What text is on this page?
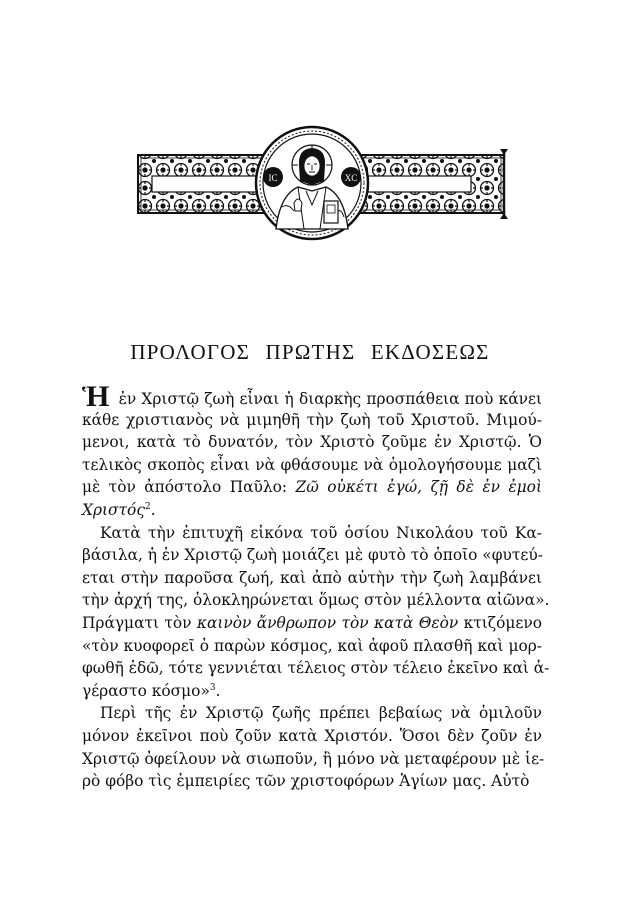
IC	XC
ΠΡΟΛΟΓΟΣ ΠΡΩΤΗΣ ΕΚΔΟΣΕΩΣ
Ἡ ἐν Χριστῷ ζωὴ εἶναι ἡ διαρκὴς προσπάθεια ποὺ κάνει
κάθε χριστιανὸς νὰ μιμηθῆ τὴν ζωὴ τοῦ Χριστοῦ. Μιμού-
μενοι, κατὰ τὸ δυνατόν, τὸν Χριστὸ ζοῦμε ἐν Χριστῷ. Ὁ
τελικὸς σκοπὸς εἶναι νὰ φθάσουμε νὰ ὁμολογήσουμε μαζὶ
μὲ τὸν ἀπόστολο Παῦλο: Ζῶ οὐκέτι ἐγώ, ζῇ δὲ ἐν ἐμοὶ
Χριστός$^2$.
Κατὰ τὴν ἐπιτυχῆ εἰκόνα τοῦ ὁσίου Νικολάου τοῦ Κα-
βάσιλα, ἡ ἐν Χριστῷ ζωὴ μοιάζει μὲ φυτὸ τὸ ὁποῖο «φυτεύ-
εται στὴν παροῦσα ζωή, καὶ ἀπὸ αὐτὴν τὴν ζωὴ λαμβάνει
τὴν ἀρχή της, ὁλοκληρώνεται ὅμως στὸν μέλλοντα αἰῶνα».
Πράγματι τὸν καινὸν ἄνθρωπον τὸν κατὰ Θεὸν κτιζόμενο
«τὸν κυοφορεῖ ὁ παρὼν κόσμος, καὶ ἀφοῦ πλασθῆ καὶ μορ-
φωθῆ ἐδῶ, τότε γεννιέται τέλειος στὸν τέλειο ἐκεῖνο καὶ ἀ-
γέραστο κόσμο»$^3$.
Περὶ τῆς ἐν Χριστῷ ζωῆς πρέπει βεβαίως νὰ ὁμιλοῦν
μόνον ἐκεῖνοι ποὺ ζοῦν κατὰ Χριστόν. Ὅσοι δὲν ζοῦν ἐν
Χριστῷ ὀφείλουν νὰ σιωποῦν, ἢ μόνο νὰ μεταφέρουν μὲ ἱε-
ρὸ φόβο τὶς ἐμπειρίες τῶν χριστοφόρων Ἁγίων μας. Αὐτὸ
